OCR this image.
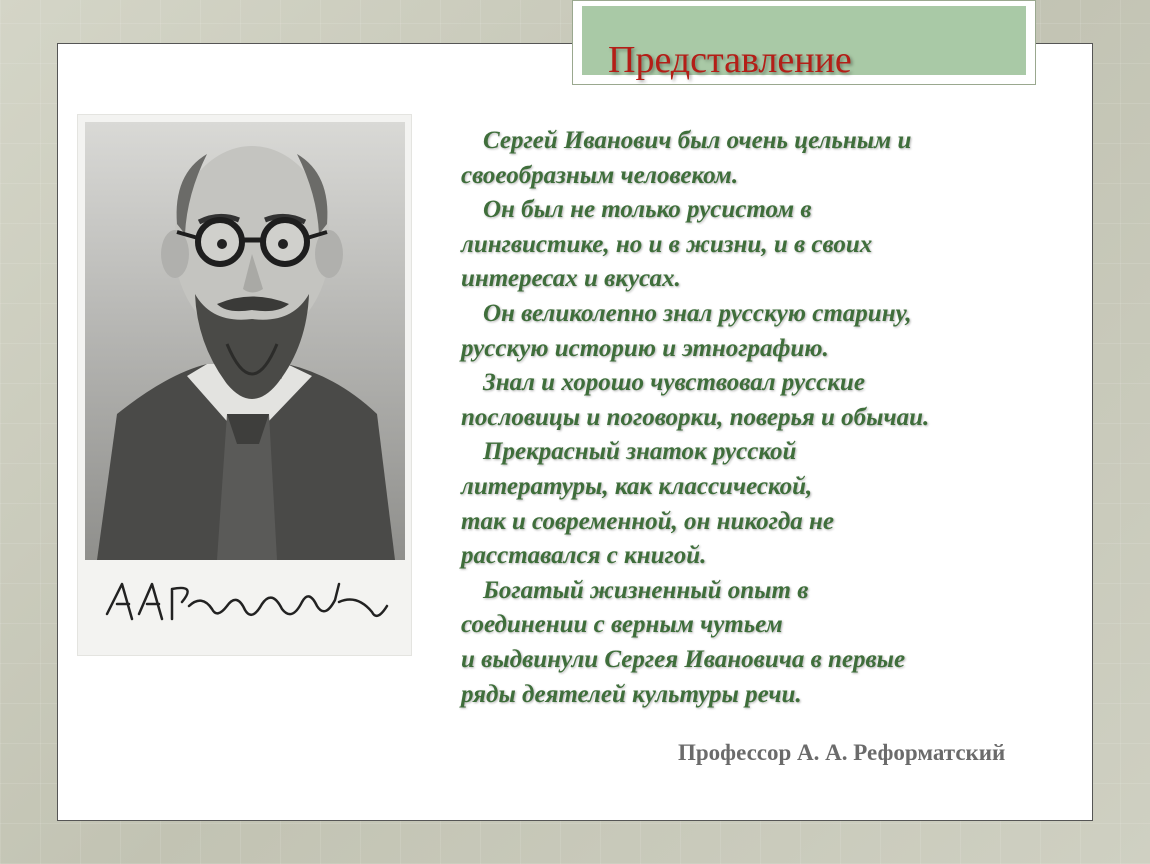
Представление
Сергей Иванович был очень цельным и
своеобразным человеком.
Он был не только русистом в
лингвистике, но и в жизни, и в своих
интересах и вкусах.
Он великолепно знал русскую старину,
русскую историю и этнографию.
Знал и хорошо чувствовал русские
пословицы и поговорки, поверья и обычаи.
Прекрасный знаток русской
литературы, как классической,
так и современной, он никогда не
расставался с книгой.
Богатый жизненный опыт в
соединении с верным чутьем
и выдвинули Сергея Ивановича в первые
ряды деятелей культуры речи.
Профессор А. А. Реформатский
